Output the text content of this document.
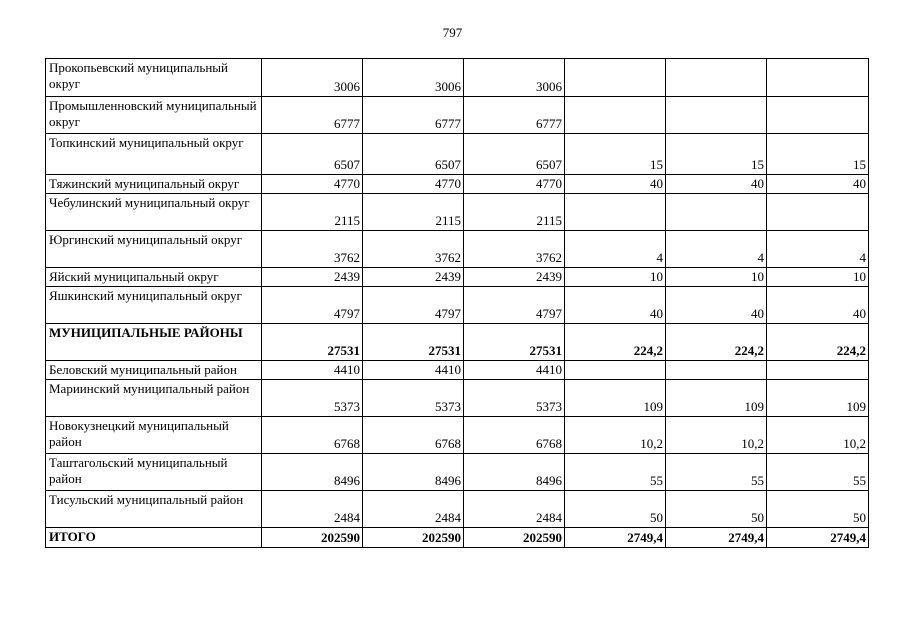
797
Прокопьевский муниципальный округ	3006	3006	3006			
Промышленновский муниципальный округ	6777	6777	6777			
Топкинский муниципальный округ	6507	6507	6507	15	15	15
Тяжинский муниципальный округ	4770	4770	4770	40	40	40
Чебулинский муниципальный округ	2115	2115	2115			
Юргинский муниципальный округ	3762	3762	3762	4	4	4
Яйский муниципальный округ	2439	2439	2439	10	10	10
Яшкинский муниципальный округ	4797	4797	4797	40	40	40
МУНИЦИПАЛЬНЫЕ РАЙОНЫ	27531	27531	27531	224,2	224,2	224,2
Беловский муниципальный район	4410	4410	4410			
Мариинский муниципальный район	5373	5373	5373	109	109	109
Новокузнецкий муниципальный район	6768	6768	6768	10,2	10,2	10,2
Таштагольский муниципальный район	8496	8496	8496	55	55	55
Тисульский муниципальный район	2484	2484	2484	50	50	50
ИТОГО	202590	202590	202590	2749,4	2749,4	2749,4
